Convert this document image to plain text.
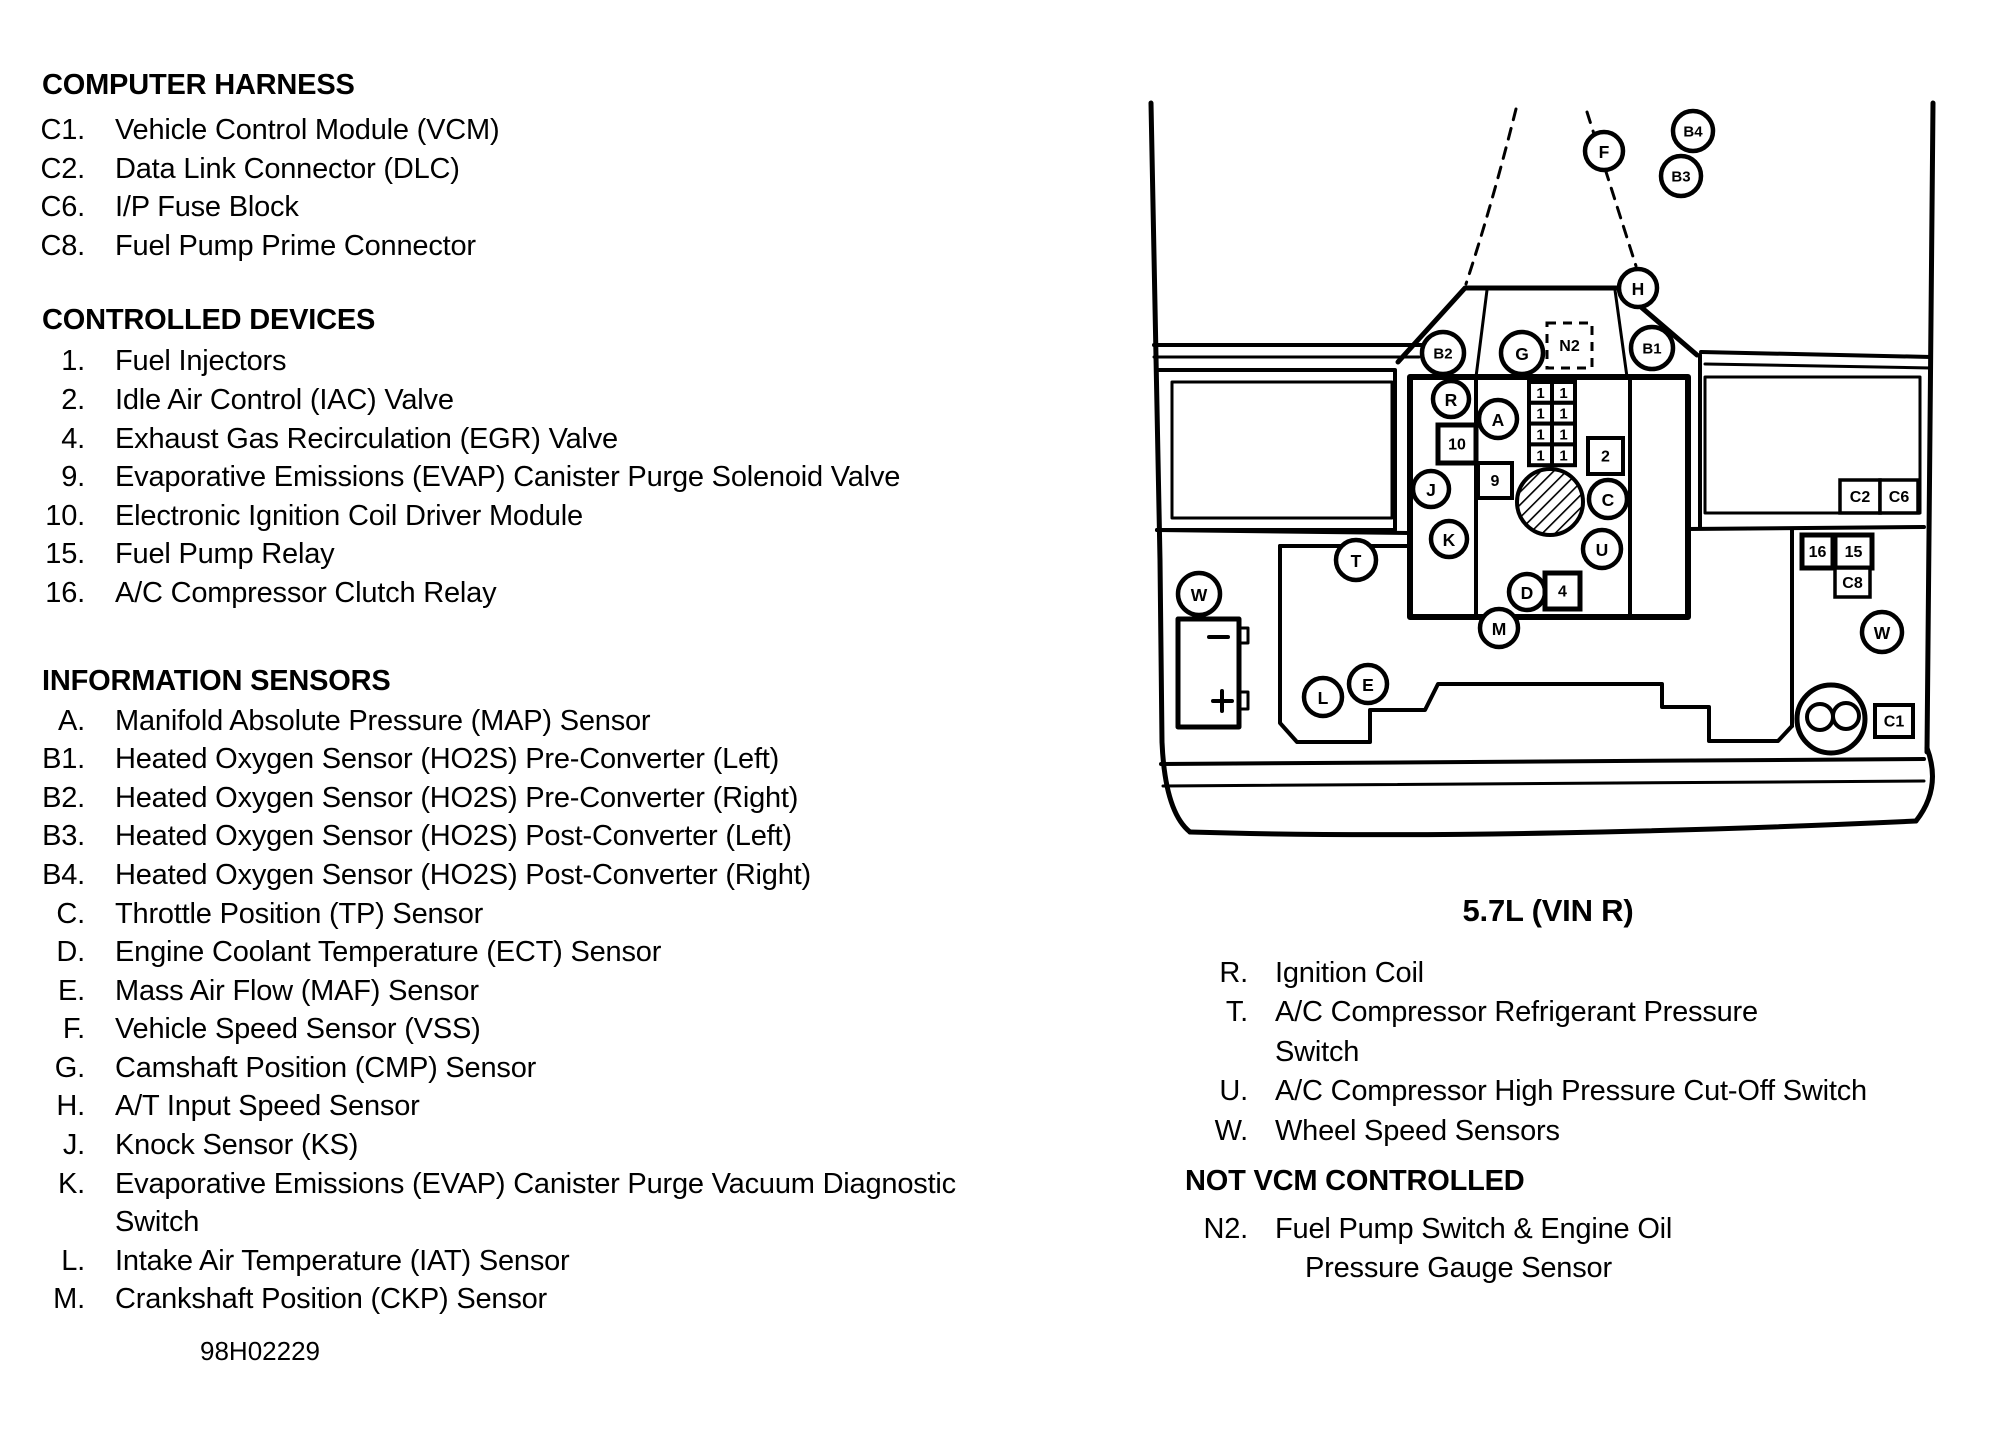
COMPUTER HARNESS
C1. Vehicle Control Module (VCM)
C2. Data Link Connector (DLC)
C6. I/P Fuse Block
C8. Fuel Pump Prime Connector
CONTROLLED DEVICES
1. Fuel Injectors
2. Idle Air Control (IAC) Valve
4. Exhaust Gas Recirculation (EGR) Valve
9. Evaporative Emissions (EVAP) Canister Purge Solenoid Valve
10. Electronic Ignition Coil Driver Module
15. Fuel Pump Relay
16. A/C Compressor Clutch Relay
INFORMATION SENSORS
A. Manifold Absolute Pressure (MAP) Sensor
B1. Heated Oxygen Sensor (HO2S) Pre-Converter (Left)
B2. Heated Oxygen Sensor (HO2S) Pre-Converter (Right)
B3. Heated Oxygen Sensor (HO2S) Post-Converter (Left)
B4. Heated Oxygen Sensor (HO2S) Post-Converter (Right)
C. Throttle Position (TP) Sensor
D. Engine Coolant Temperature (ECT) Sensor
E. Mass Air Flow (MAF) Sensor
F. Vehicle Speed Sensor (VSS)
G. Camshaft Position (CMP) Sensor
H. A/T Input Speed Sensor
J. Knock Sensor (KS)
K. Evaporative Emissions (EVAP) Canister Purge Vacuum Diagnostic
Switch
L. Intake Air Temperature (IAT) Sensor
M. Crankshaft Position (CKP) Sensor
R. Ignition Coil
T. A/C Compressor Refrigerant Pressure
Switch
U. A/C Compressor High Pressure Cut-Off Switch
W. Wheel Speed Sensors
NOT VCM CONTROLLED
N2. Fuel Pump Switch & Engine Oil
Pressure Gauge Sensor
5.7L (VIN R)
98H02229
F
B4
B3
H
B2	G	B1
R
A
J
K
C
U
D
M
T
W
W
L
E
10
9
2
4
C2 C6
16 15
C8
C1
N2
1
1
1
1
1
1
1
1
